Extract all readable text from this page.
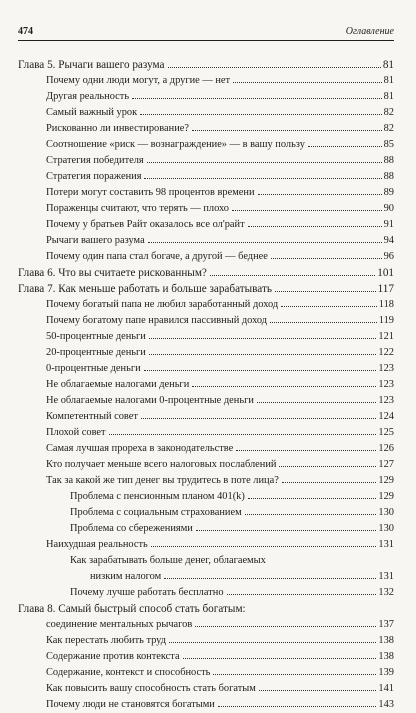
474	Оглавление
Глава 5. Рычаги вашего разума	81
Почему одни люди могут, а другие — нет	81
Другая реальность	81
Самый важный урок	82
Рискованно ли инвестирование?	82
Соотношение «риск — вознаграждение» — в вашу пользу	85
Стратегия победителя	88
Стратегия поражения	88
Потери могут составить 98 процентов времени	89
Пораженцы считают, что терять — плохо	90
Почему у братьев Райт оказалось все ол'райт	91
Рычаги вашего разума	94
Почему один папа стал богаче, а другой — беднее	96
Глава 6. Что вы считаете рискованным?	101
Глава 7. Как меньше работать и больше зарабатывать	117
Почему богатый папа не любил заработанный доход	118
Почему богатому папе нравился пассивный доход	119
50-процентные деньги	121
20-процентные деньги	122
0-процентные деньги	123
Не облагаемые налогами деньги	123
Не облагаемые налогами 0-процентные деньги	123
Компетентный совет	124
Плохой совет	125
Самая лучшая прореха в законодательстве	126
Кто получает меньше всего налоговых послаблений	127
Так за какой же тип денег вы трудитесь в поте лица?	129
Проблема с пенсионным планом 401(k)	129
Проблема с социальным страхованием	130
Проблема со сбережениями	130
Наихудшая реальность	131
Как зарабатывать больше денег, облагаемых
низким налогом	131
Почему лучше работать бесплатно	132
Глава 8. Самый быстрый способ стать богатым:
соединение ментальных рычагов	137
Как перестать любить труд	138
Содержание против контекста	138
Содержание, контекст и способность	139
Как повысить вашу способность стать богатым	141
Почему люди не становятся богатыми	143
